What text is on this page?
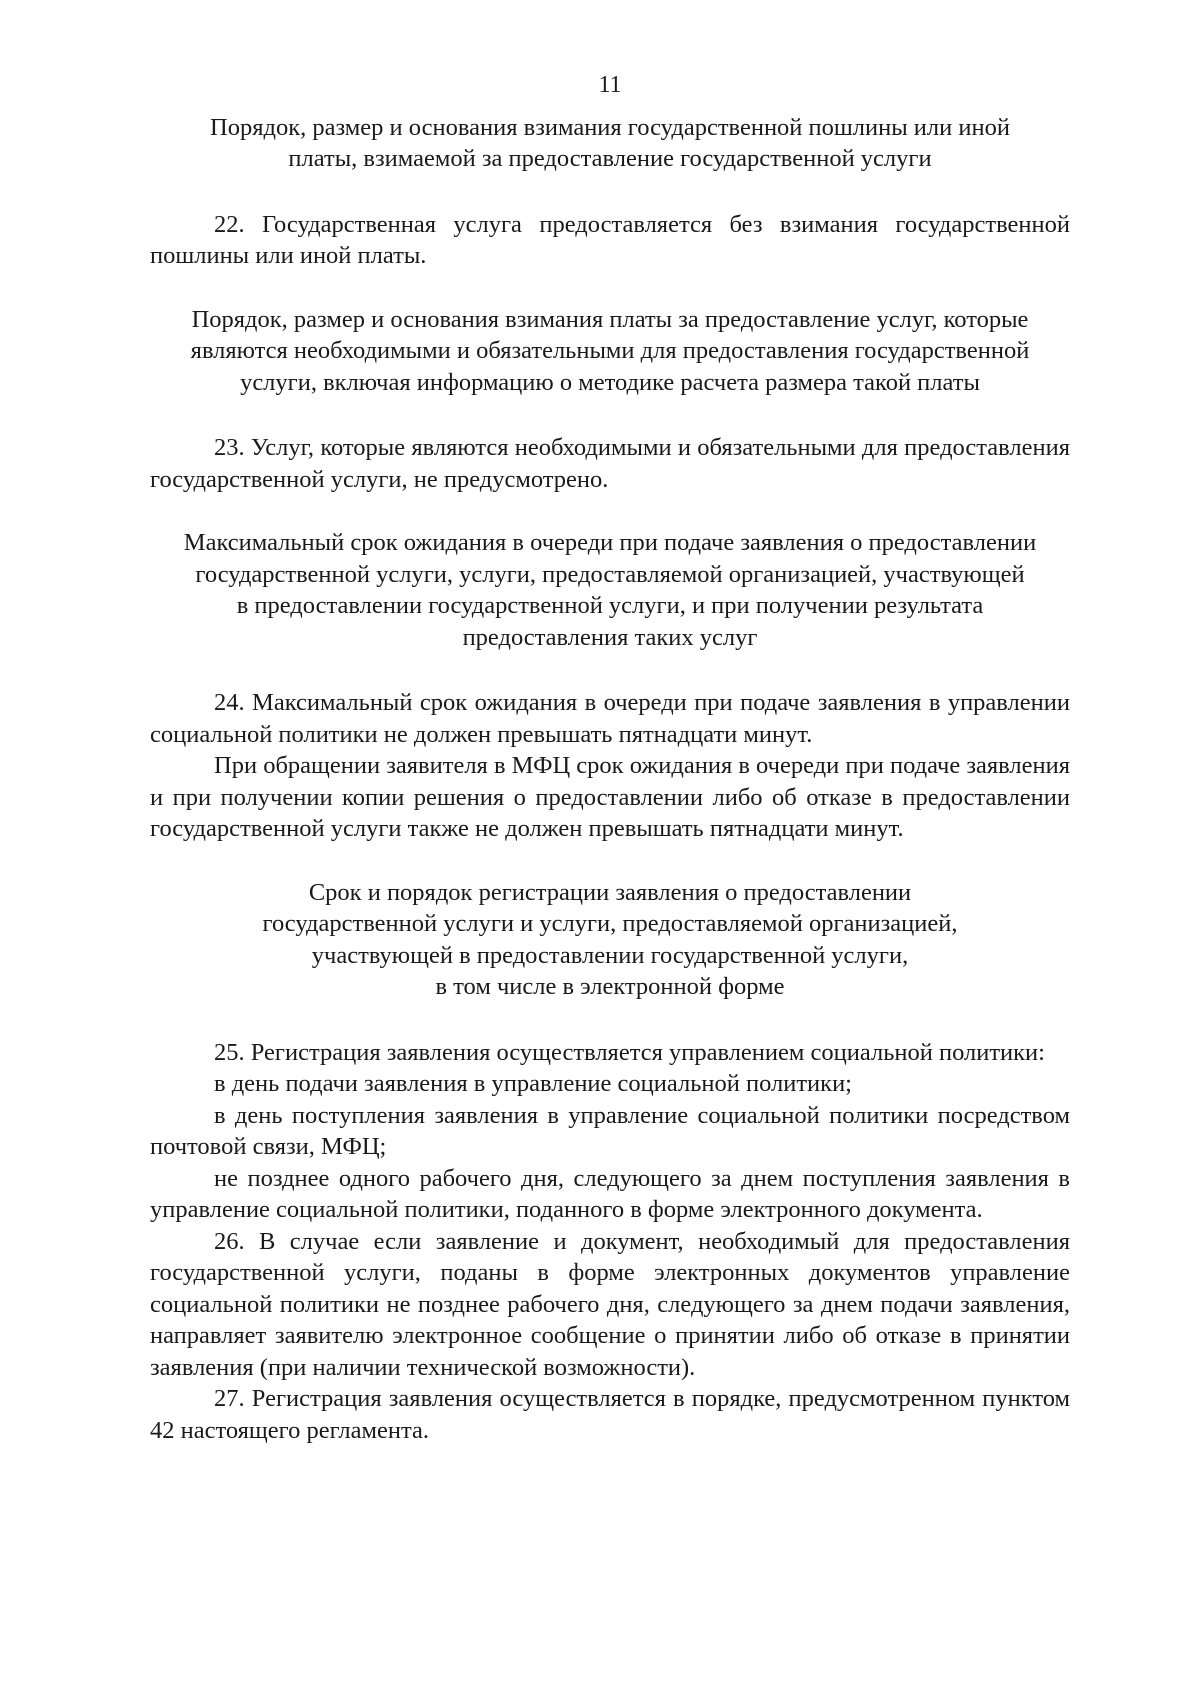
11
Порядок, размер и основания взимания государственной пошлины или иной
платы, взимаемой за предоставление государственной услуги

22. Государственная услуга предоставляется без взимания государственной пошлины или иной платы.

Порядок, размер и основания взимания платы за предоставление услуг, которые
являются необходимыми и обязательными для предоставления государственной
услуги, включая информацию о методике расчета размера такой платы

23. Услуг, которые являются необходимыми и обязательными для предоставления государственной услуги, не предусмотрено.

Максимальный срок ожидания в очереди при подаче заявления о предоставлении
государственной услуги, услуги, предоставляемой организацией, участвующей
в предоставлении государственной услуги, и при получении результата
предоставления таких услуг

24. Максимальный срок ожидания в очереди при подаче заявления в управлении социальной политики не должен превышать пятнадцати минут.

При обращении заявителя в МФЦ срок ожидания в очереди при подаче заявления и при получении копии решения о предоставлении либо об отказе в предоставлении государственной услуги также не должен превышать пятнадцати минут.

Срок и порядок регистрации заявления о предоставлении
государственной услуги и услуги, предоставляемой организацией,
участвующей в предоставлении государственной услуги,
в том числе в электронной форме

25. Регистрация заявления осуществляется управлением социальной политики:

в день подачи заявления в управление социальной политики;

в день поступления заявления в управление социальной политики посредством почтовой связи, МФЦ;

не позднее одного рабочего дня, следующего за днем поступления заявления в управление социальной политики, поданного в форме электронного документа.

26. В случае если заявление и документ, необходимый для предоставления государственной услуги, поданы в форме электронных документов управление социальной политики не позднее рабочего дня, следующего за днем подачи заявления, направляет заявителю электронное сообщение о принятии либо об отказе в принятии заявления (при наличии технической возможности).

27. Регистрация заявления осуществляется в порядке, предусмотренном пунктом 42 настоящего регламента.
